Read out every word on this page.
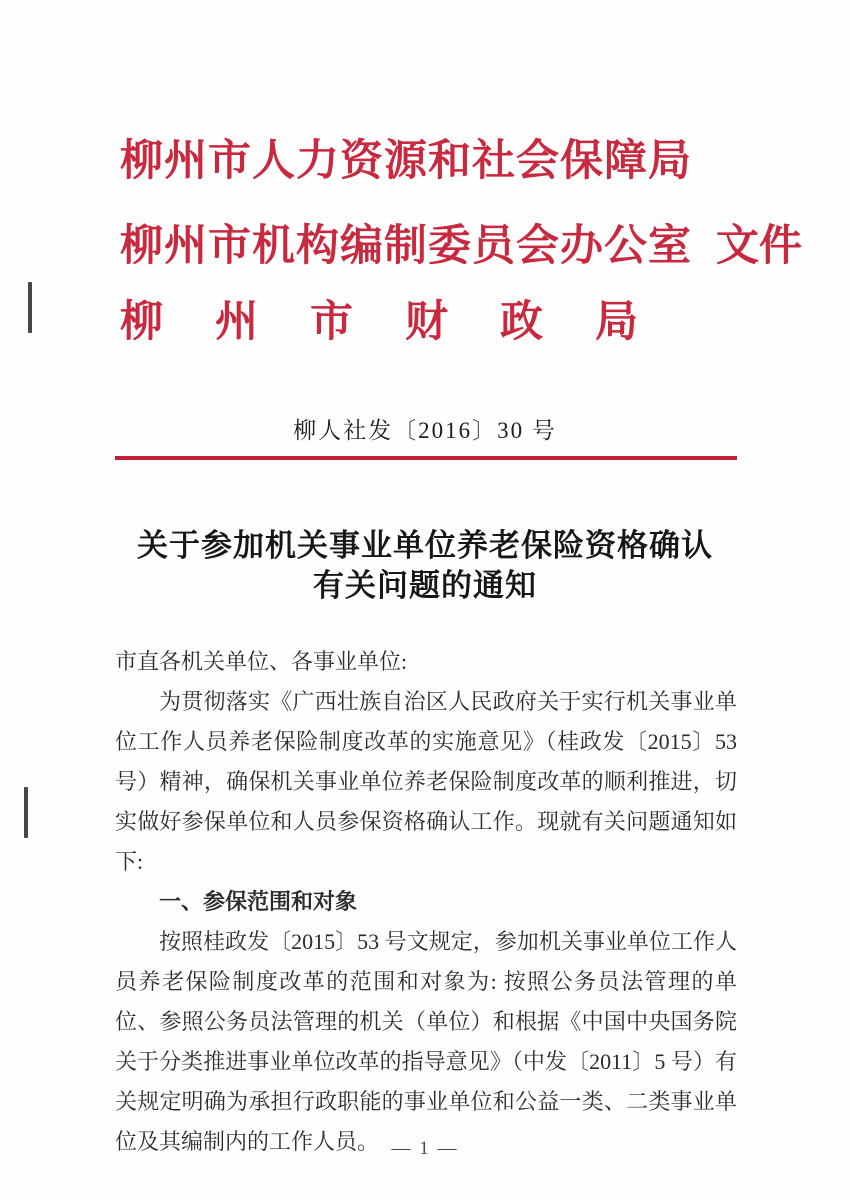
柳州市人力资源和社会保障局
柳州市机构编制委员会办公室 文件
柳州市财政局
柳人社发〔2016〕30 号
关于参加机关事业单位养老保险资格确认
有关问题的通知

市直各机关单位、各事业单位:

为贯彻落实《广西壮族自治区人民政府关于实行机关事业单位工作人员养老保险制度改革的实施意见》（桂政发〔2015〕53 号）精神，确保机关事业单位养老保险制度改革的顺利推进，切实做好参保单位和人员参保资格确认工作。现就有关问题通知如下:

一、参保范围和对象

按照桂政发〔2015〕53 号文规定，参加机关事业单位工作人员养老保险制度改革的范围和对象为: 按照公务员法管理的单位、参照公务员法管理的机关（单位）和根据《中国中央国务院关于分类推进事业单位改革的指导意见》（中发〔2011〕5 号）有关规定明确为承担行政职能的事业单位和公益一类、二类事业单位及其编制内的工作人员。 — 1 —
